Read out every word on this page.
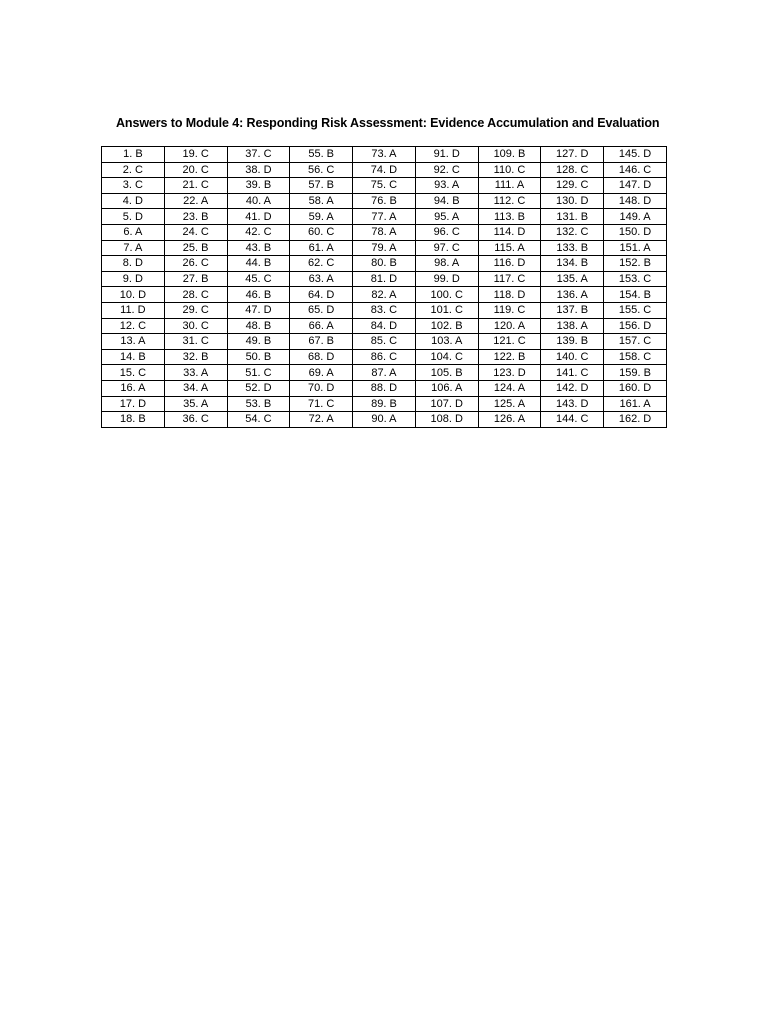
Answers to Module 4: Responding Risk Assessment: Evidence Accumulation and Evaluation
1. B	19. C	37. C	55. B	73. A	91. D	109. B	127. D	145. D
2. C	20. C	38. D	56. C	74. D	92. C	110. C	128. C	146. C
3. C	21. C	39. B	57. B	75. C	93. A	111. A	129. C	147. D
4. D	22. A	40. A	58. A	76. B	94. B	112. C	130. D	148. D
5. D	23. B	41. D	59. A	77. A	95. A	113. B	131. B	149. A
6. A	24. C	42. C	60. C	78. A	96. C	114. D	132. C	150. D
7. A	25. B	43. B	61. A	79. A	97. C	115. A	133. B	151. A
8. D	26. C	44. B	62. C	80. B	98. A	116. D	134. B	152. B
9. D	27. B	45. C	63. A	81. D	99. D	117. C	135. A	153. C
10. D	28. C	46. B	64. D	82. A	100. C	118. D	136. A	154. B
11. D	29. C	47. D	65. D	83. C	101. C	119. C	137. B	155. C
12. C	30. C	48. B	66. A	84. D	102. B	120. A	138. A	156. D
13. A	31. C	49. B	67. B	85. C	103. A	121. C	139. B	157. C
14. B	32. B	50. B	68. D	86. C	104. C	122. B	140. C	158. C
15. C	33. A	51. C	69. A	87. A	105. B	123. D	141. C	159. B
16. A	34. A	52. D	70. D	88. D	106. A	124. A	142. D	160. D
17. D	35. A	53. B	71. C	89. B	107. D	125. A	143. D	161. A
18. B	36. C	54. C	72. A	90. A	108. D	126. A	144. C	162. D
